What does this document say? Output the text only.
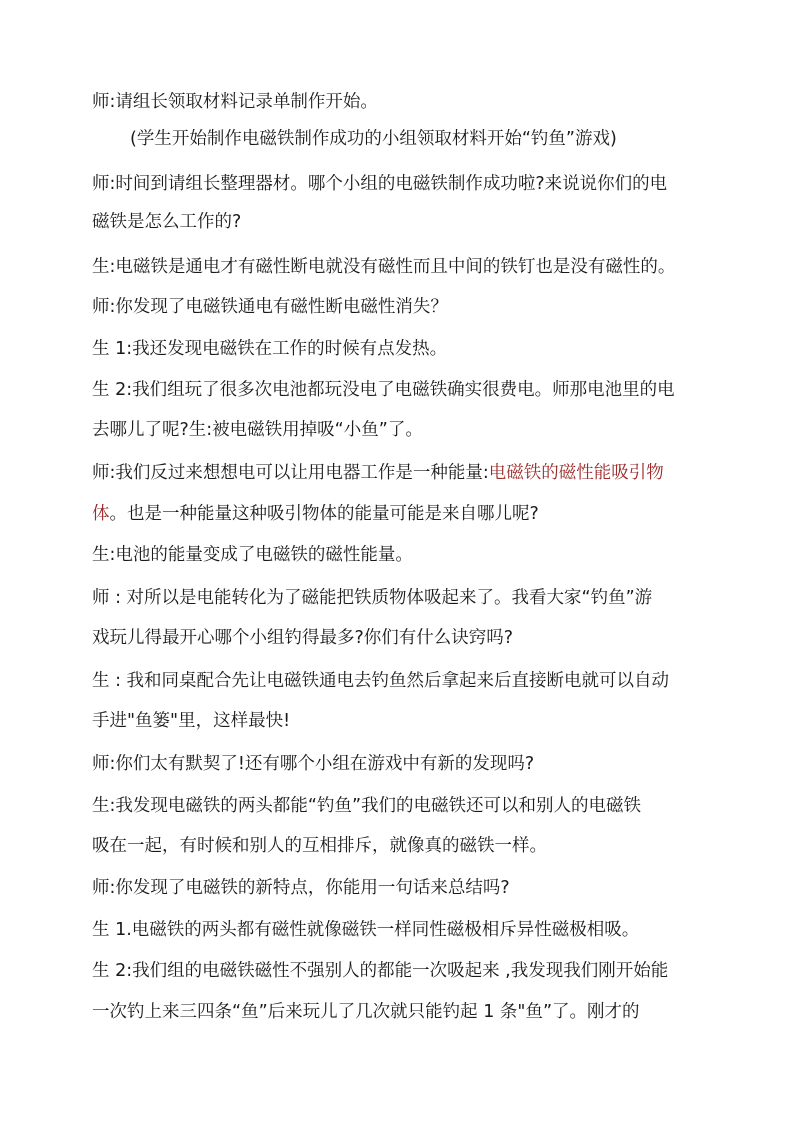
师:请组长领取材料记录单制作开始。
(学生开始制作电磁铁制作成功的小组领取材料开始“钓鱼”游戏)
师:时间到请组长整理器材。哪个小组的电磁铁制作成功啦?来说说你们的电
磁铁是怎么工作的?
生:电磁铁是通电才有磁性断电就没有磁性而且中间的铁钉也是没有磁性的。
师:你发现了电磁铁通电有磁性断电磁性消失？
生 1:我还发现电磁铁在工作的时候有点发热。
生 2:我们组玩了很多次电池都玩没电了电磁铁确实很费电。师那电池里的电
去哪儿了呢?生:被电磁铁用掉吸“小鱼”了。
师:我们反过来想想电可以让用电器工作是一种能量:电磁铁的磁性能吸引物
体。也是一种能量这种吸引物体的能量可能是来自哪儿呢?
生:电池的能量变成了电磁铁的磁性能量。
师 : 对所以是电能转化为了磁能把铁质物体吸起来了。我看大家“钓鱼”游
戏玩儿得最开心哪个小组钓得最多?你们有什么诀窍吗?
生 : 我和同桌配合先让电磁铁通电去钓鱼然后拿起来后直接断电就可以自动
手进"鱼篓"里，这样最快!
师:你们太有默契了!还有哪个小组在游戏中有新的发现吗?
生:我发现电磁铁的两头都能“钓鱼”我们的电磁铁还可以和别人的电磁铁
吸在一起，有时候和别人的互相排斥，就像真的磁铁一样。
师:你发现了电磁铁的新特点，你能用一句话来总结吗?
生 1.电磁铁的两头都有磁性就像磁铁一样同性磁极相斥异性磁极相吸。
生 2:我们组的电磁铁磁性不强别人的都能一次吸起来 ,我发现我们刚开始能
一次钓上来三四条“鱼”后来玩儿了几次就只能钓起 1 条"鱼”了。刚才的
